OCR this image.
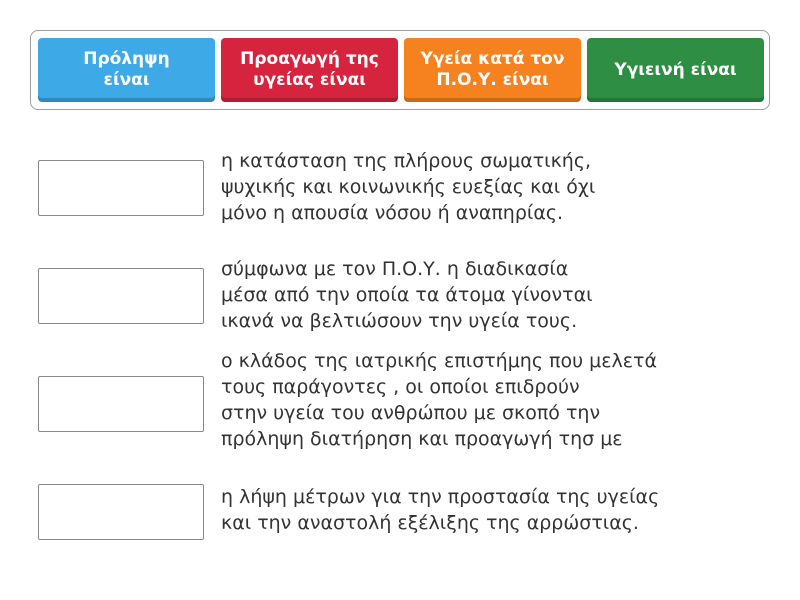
Πρόληψη
είναι
Προαγωγή της
υγείας είναι
Υγεία κατά τον
Π.Ο.Υ. είναι
Υγιεινή είναι
η κατάσταση της πλήρους σωματικής,
ψυχικής και κοινωνικής ευεξίας και όχι
μόνο η απουσία νόσου ή αναπηρίας.
σύμφωνα με τον Π.Ο.Υ. η διαδικασία
μέσα από την οποία τα άτομα γίνονται
ικανά να βελτιώσουν την υγεία τους.
ο κλάδος της ιατρικής επιστήμης που μελετά
τους παράγοντες , οι οποίοι επιδρούν
στην υγεία του ανθρώπου με σκοπό την
πρόληψη διατήρηση και προαγωγή τησ με
η λήψη μέτρων για την προστασία της υγείας
και την αναστολή εξέλιξης της αρρώστιας.
